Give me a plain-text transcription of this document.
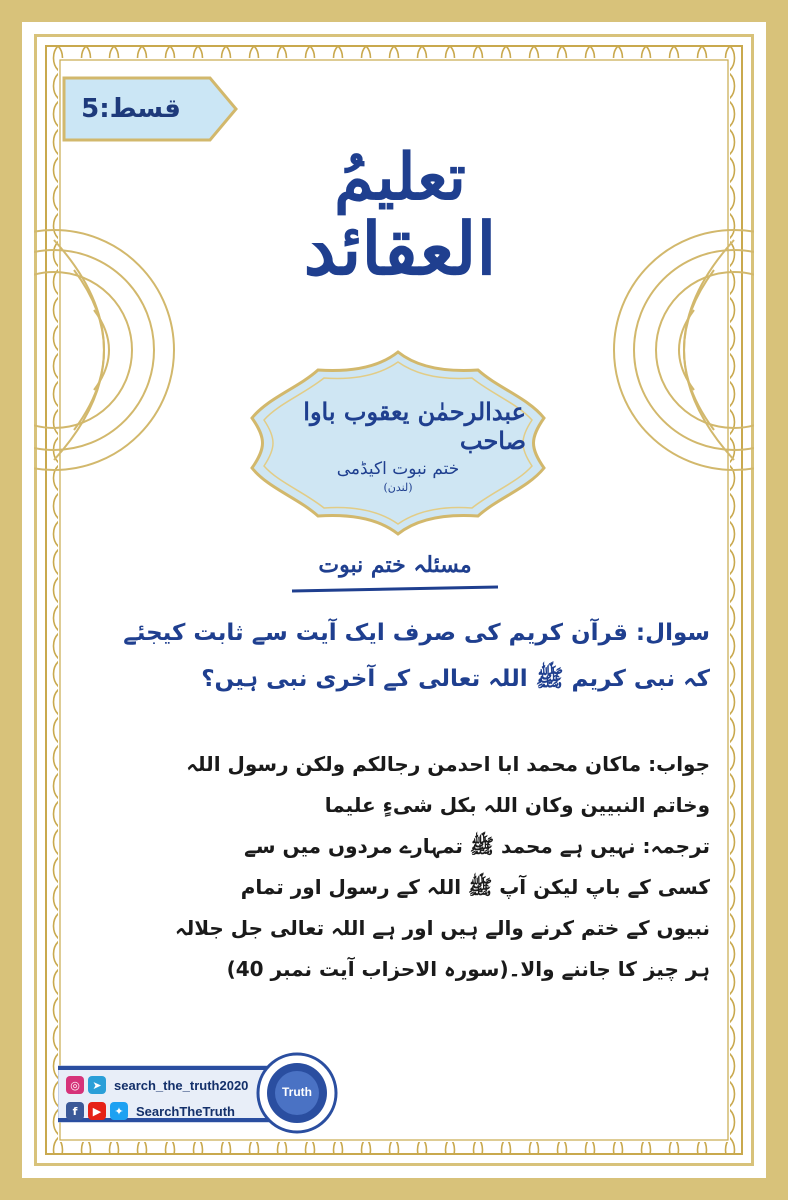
قسط:5
تعلیمُ
العقائد
عبدالرحمٰن یعقوب باوا صاحب
ختم نبوت اکیڈمی
(لندن)
مسئلہ ختم نبوت
سوال: قرآن کریم کی صرف ایک آیت سے ثابت کیجئے
کہ نبی کریم ﷺ اللہ تعالی کے آخری نبی ہیں؟

جواب: ماکان محمد ابا احدمن رجالکم ولکن رسول اللہ

وخاتم النبیین وکان اللہ بکل شیءٍ علیما

ترجمہ: نہیں ہے محمد ﷺ تمہارے مردوں میں سے

کسی کے باپ لیکن آپ ﷺ اللہ کے رسول اور تمام

نبیوں کے ختم کرنے والے ہیں اور ہے اللہ تعالی جل جلالہ

ہر چیز کا جاننے والا۔(سورہ الاحزاب آیت نمبر 40)

◎	➤ search_the_truth2020
f	▶	✦ SearchTheTruth
Truth
